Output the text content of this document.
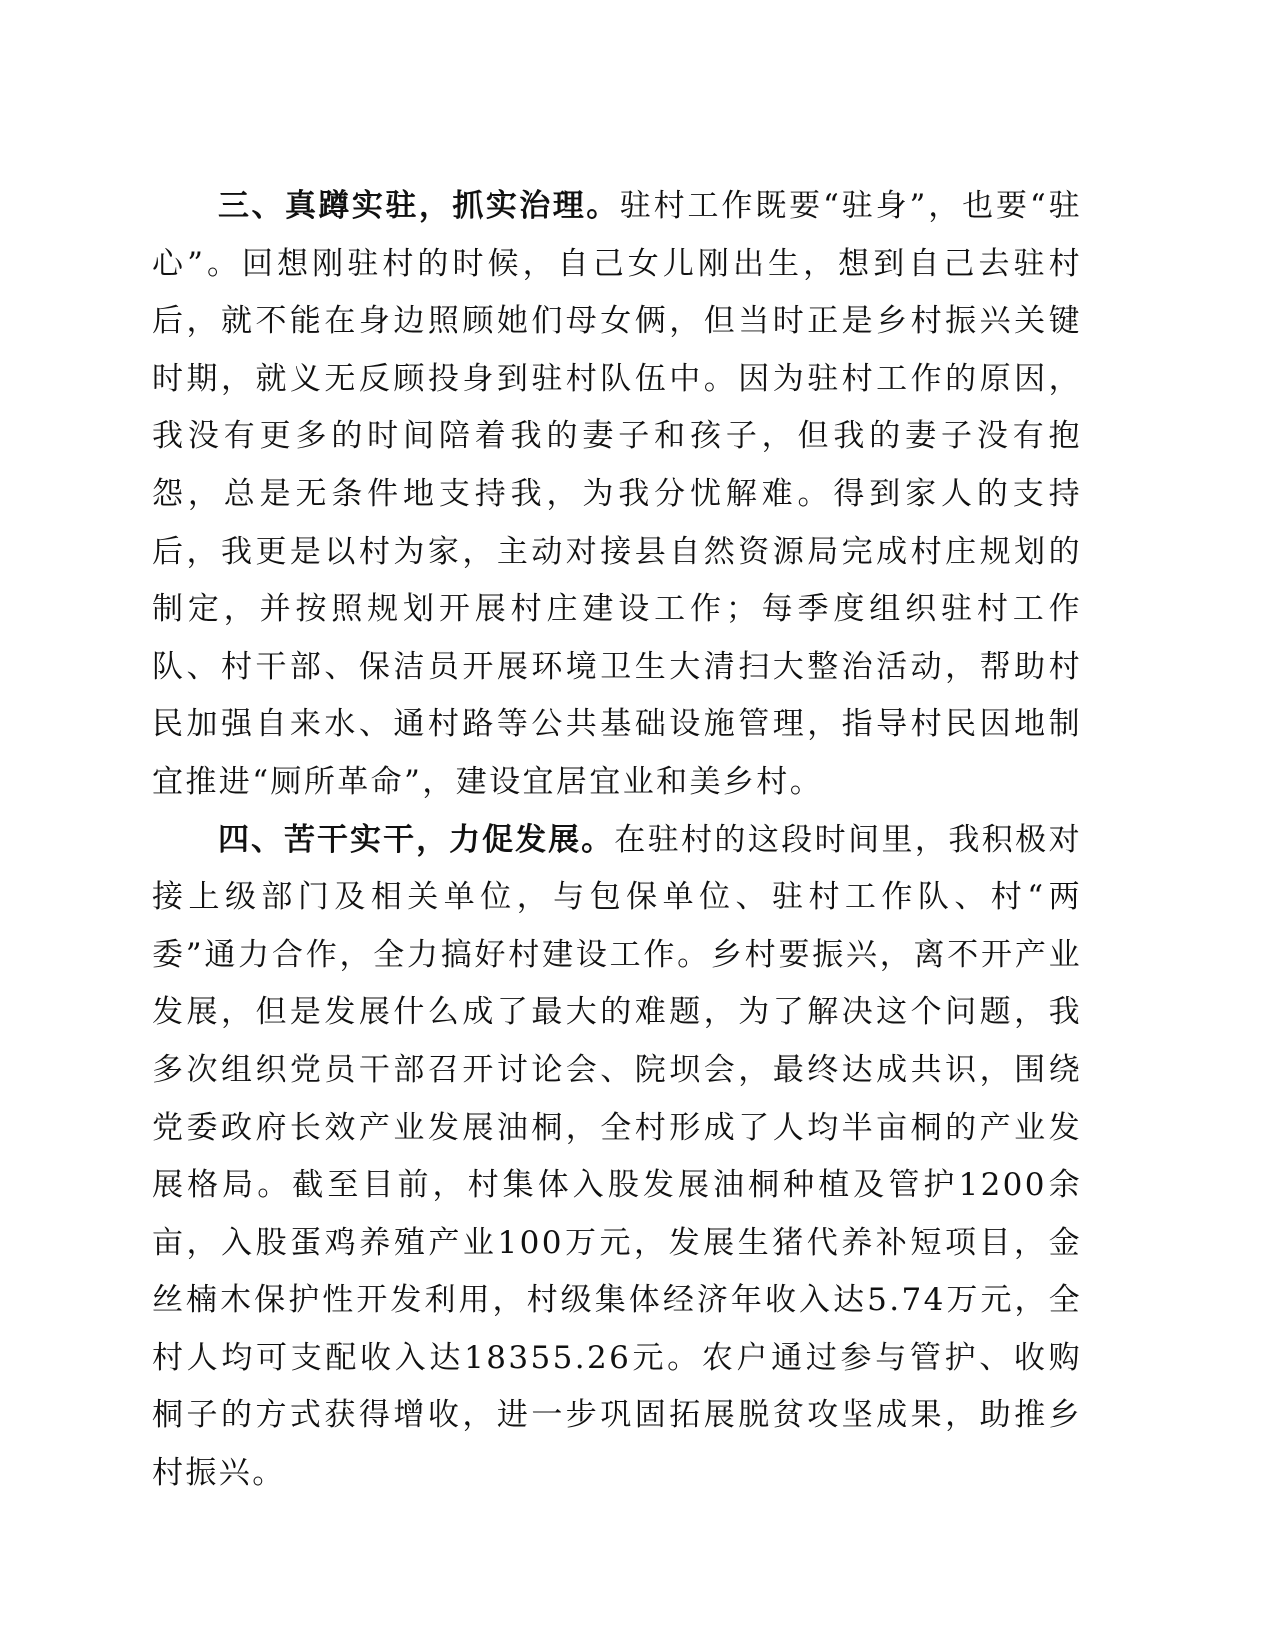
三、真蹲实驻，抓实治理。驻村工作既要“驻身”，也要“驻心”。回想刚驻村的时候，自己女儿刚出生，想到自己去驻村后，就不能在身边照顾她们母女俩，但当时正是乡村振兴关键时期，就义无反顾投身到驻村队伍中。因为驻村工作的原因，我没有更多的时间陪着我的妻子和孩子，但我的妻子没有抱怨，总是无条件地支持我，为我分忧解难。得到家人的支持后，我更是以村为家，主动对接县自然资源局完成村庄规划的制定，并按照规划开展村庄建设工作；每季度组织驻村工作队、村干部、保洁员开展环境卫生大清扫大整治活动，帮助村民加强自来水、通村路等公共基础设施管理，指导村民因地制宜推进“厕所革命”，建设宜居宜业和美乡村。

四、苦干实干，力促发展。在驻村的这段时间里，我积极对接上级部门及相关单位，与包保单位、驻村工作队、村“两委”通力合作，全力搞好村建设工作。乡村要振兴，离不开产业发展，但是发展什么成了最大的难题，为了解决这个问题，我多次组织党员干部召开讨论会、院坝会，最终达成共识，围绕党委政府长效产业发展油桐，全村形成了人均半亩桐的产业发展格局。截至目前，村集体入股发展油桐种植及管护1200余亩，入股蛋鸡养殖产业100万元，发展生猪代养补短项目，金丝楠木保护性开发利用，村级集体经济年收入达5.74万元，全村人均可支配收入达18355.26元。农户通过参与管护、收购桐子的方式获得增收，进一步巩固拓展脱贫攻坚成果，助推乡村振兴。
